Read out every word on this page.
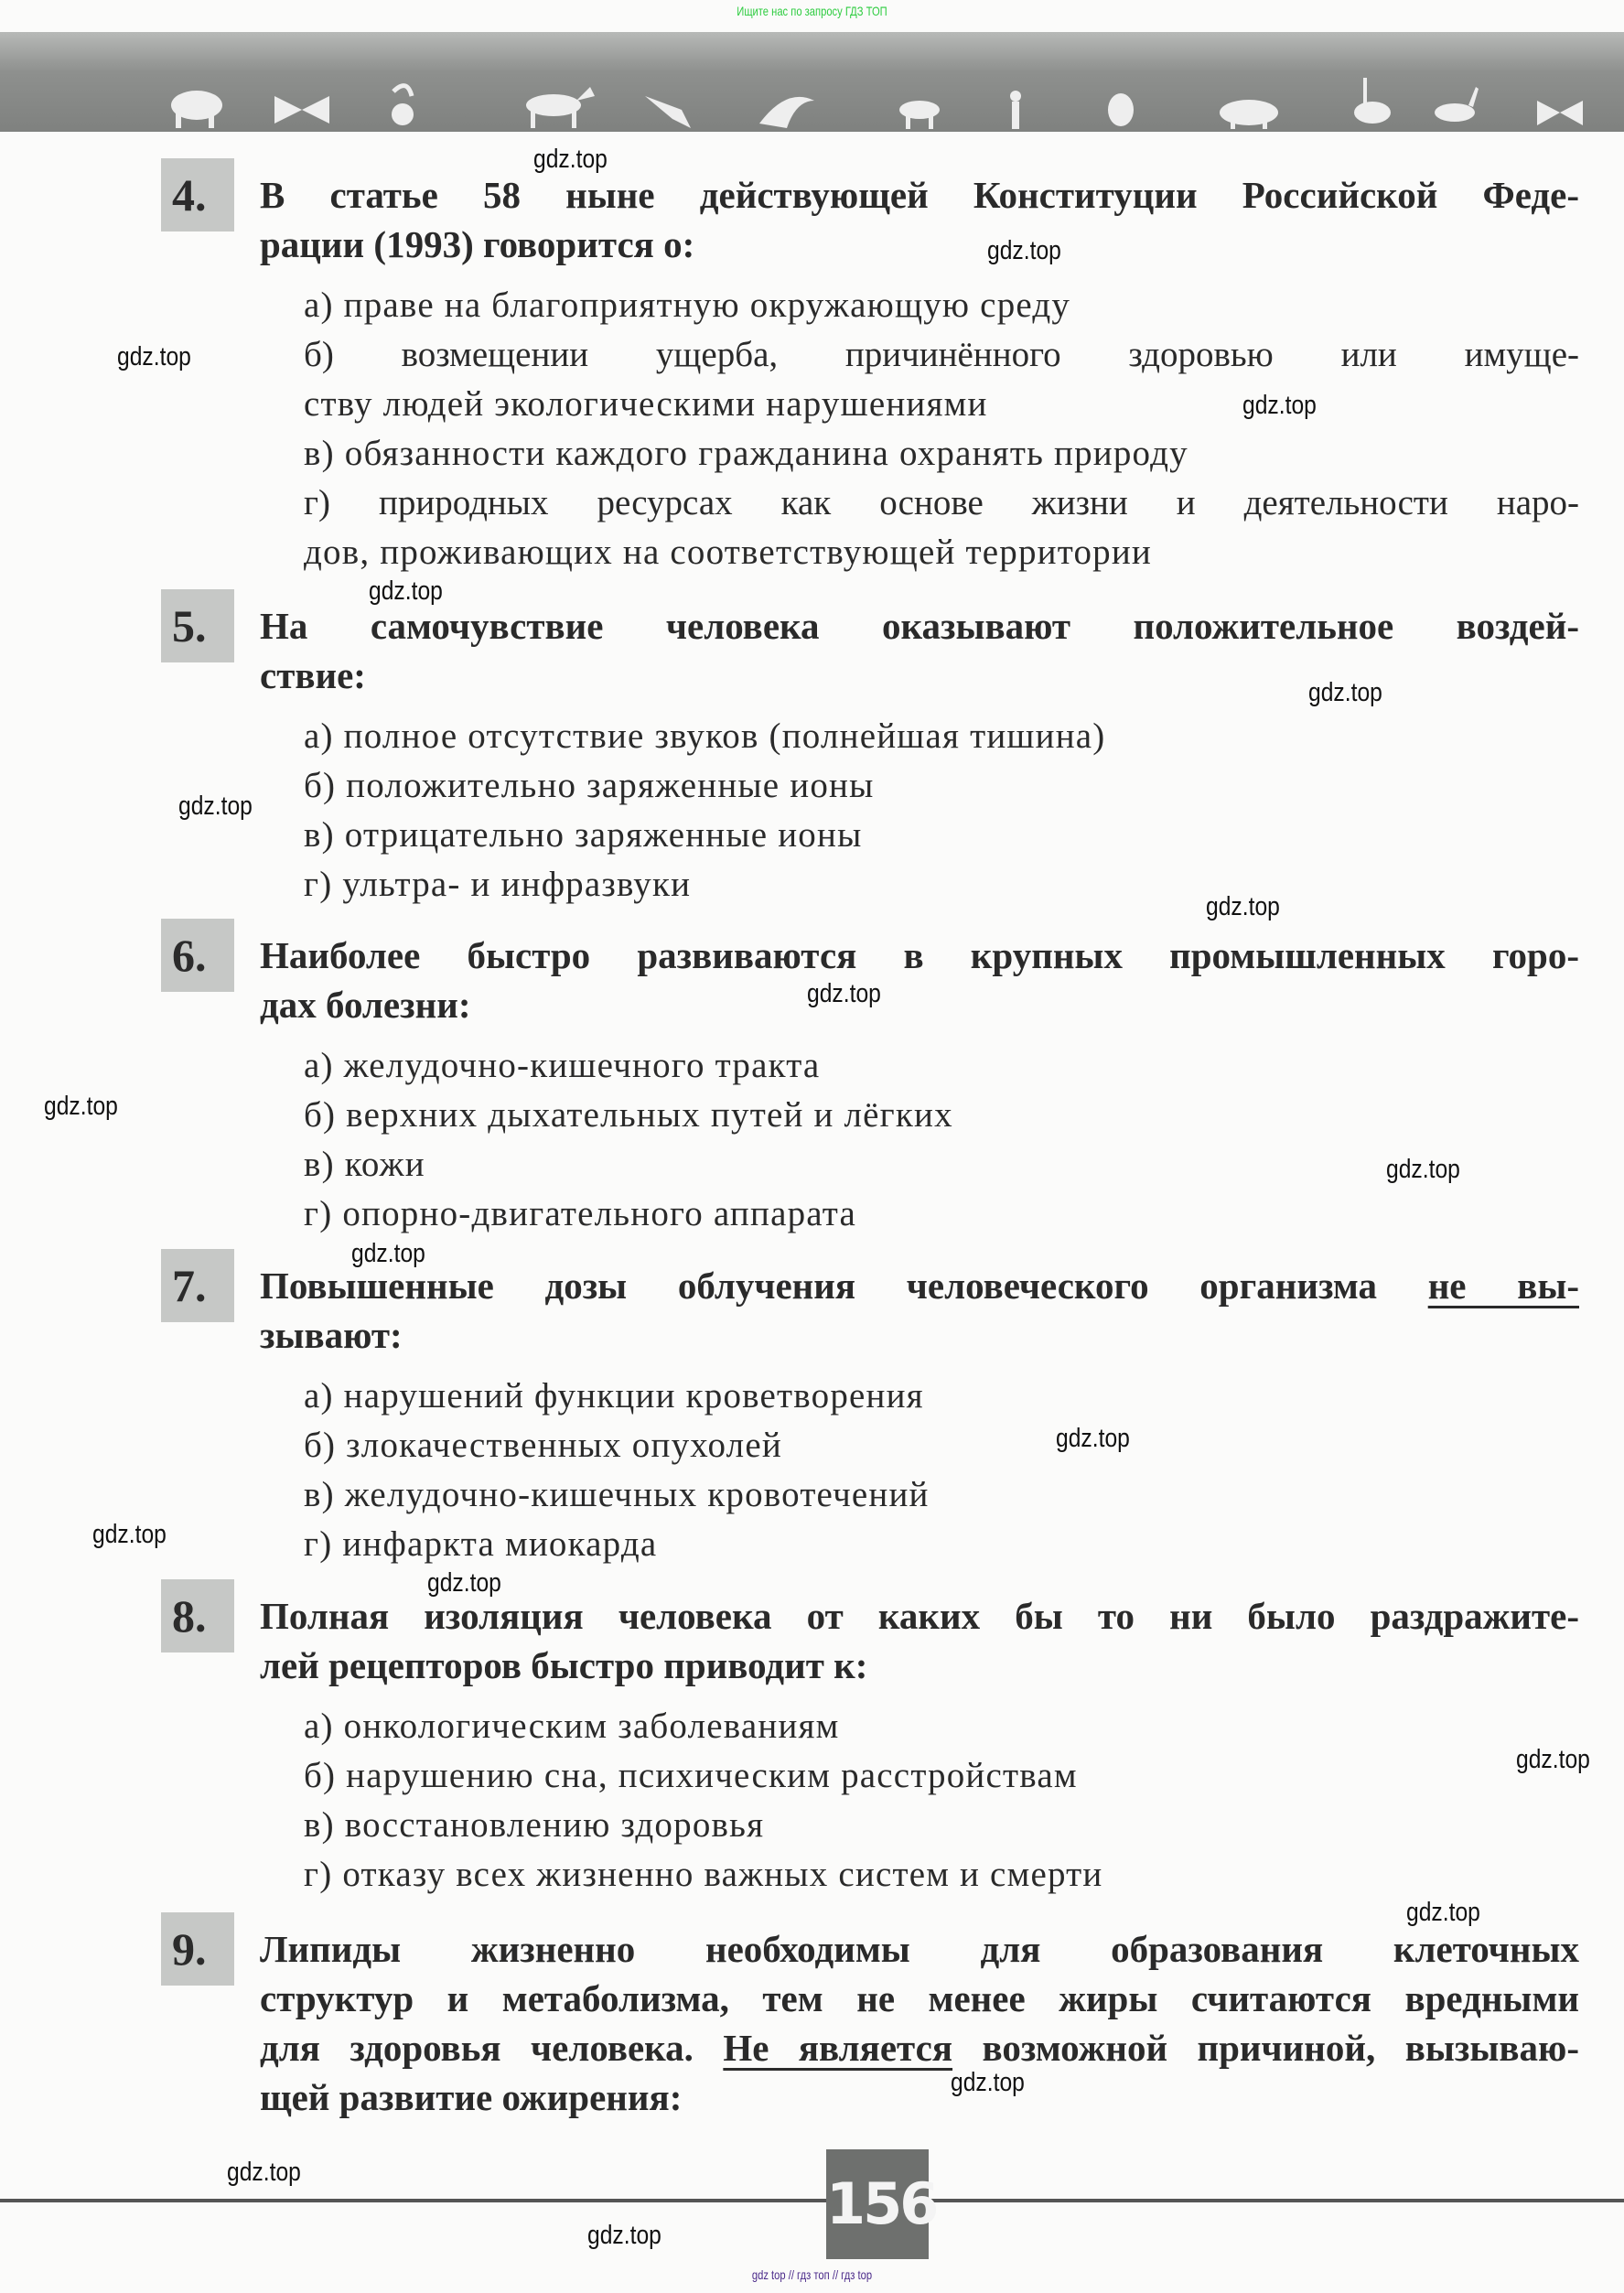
Ищите нас по запросу ГДЗ ТОП
4.	В статье 58 ныне действующей Конституции Российской Феде-
рации (1993) говорится о:
а) праве на благоприятную окружающую среду
б) возмещении ущерба, причинённого здоровью или имуще-
ству людей экологическими нарушениями
в) обязанности каждого гражданина охранять природу
г) природных ресурсах как основе жизни и деятельности наро-
дов, проживающих на соответствующей территории
5.	На самочувствие человека оказывают положительное воздей-
ствие:
а) полное отсутствие звуков (полнейшая тишина)
б) положительно заряженные ионы
в) отрицательно заряженные ионы
г) ультра- и инфразвуки
6.	Наиболее быстро развиваются в крупных промышленных горо-
дах болезни:
а) желудочно-кишечного тракта
б) верхних дыхательных путей и лёгких
в) кожи
г) опорно-двигательного аппарата
7.	Повышенные дозы облучения человеческого организма не вы-
зывают:
а) нарушений функции кроветворения
б) злокачественных опухолей
в) желудочно-кишечных кровотечений
г) инфаркта миокарда
8.	Полная изоляция человека от каких бы то ни было раздражите-
лей рецепторов быстро приводит к:
а) онкологическим заболеваниям
б) нарушению сна, психическим расстройствам
в) восстановлению здоровья
г) отказу всех жизненно важных систем и смерти
9.	Липиды жизненно необходимы для образования клеточных
структур и метаболизма, тем не менее жиры считаются вредными
для здоровья человека. Не является возможной причиной, вызываю-
щей развитие ожирения:
gdz.top
gdz.top
gdz.top
gdz.top
gdz.top
gdz.top
gdz.top
gdz.top
gdz.top
gdz.top
gdz.top
gdz.top
gdz.top
gdz.top
gdz.top
gdz.top
gdz.top
gdz.top
gdz.top
gdz.top	156
gdz top // гдз топ // гдз top
